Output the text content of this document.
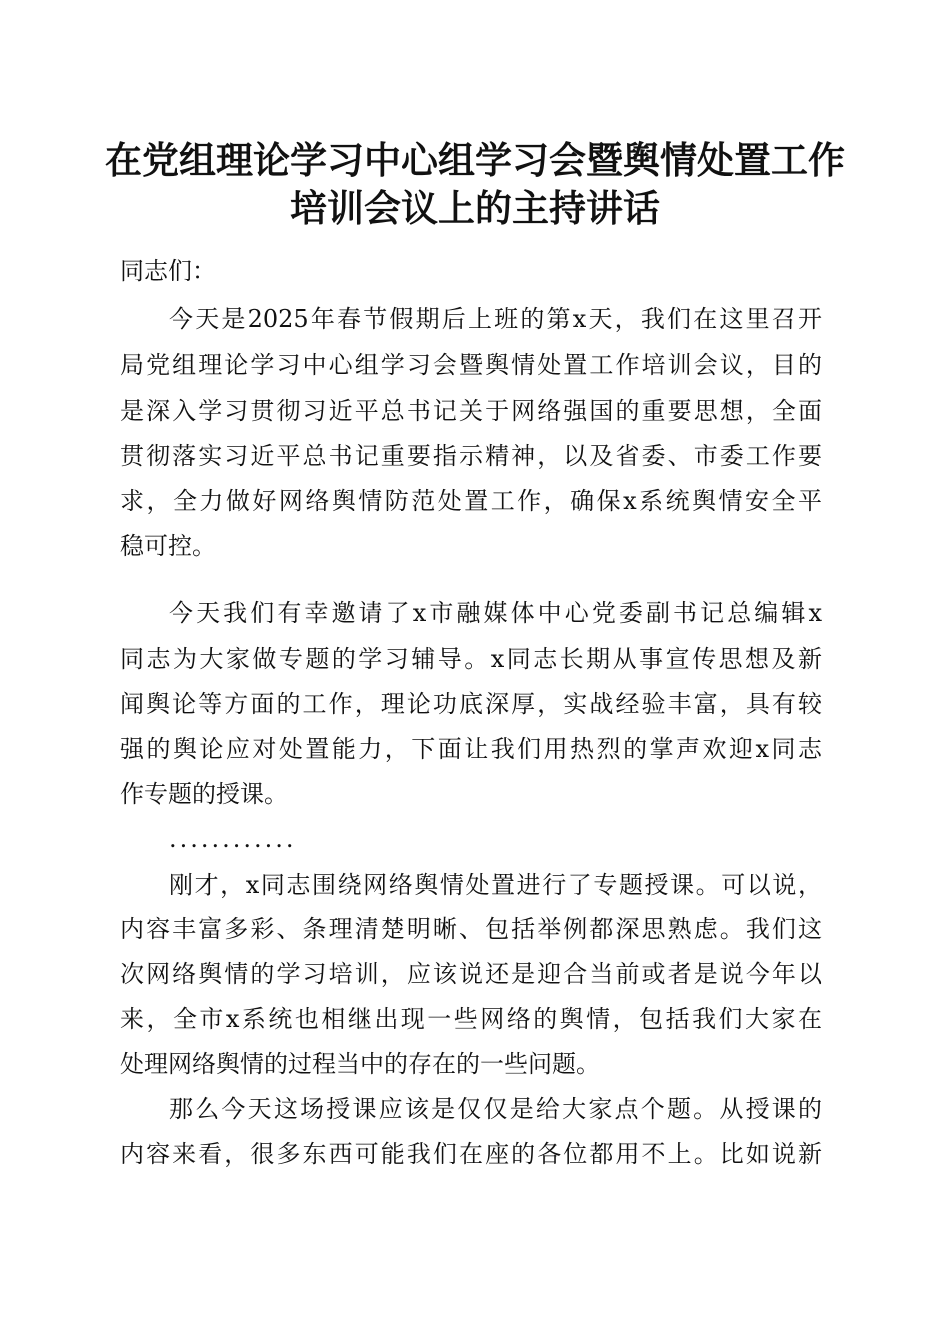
在党组理论学习中心组学习会暨舆情处置工作
培训会议上的主持讲话
同志们：
今天是2025年春节假期后上班的第x天，我们在这里召开
局党组理论学习中心组学习会暨舆情处置工作培训会议，目的
是深入学习贯彻习近平总书记关于网络强国的重要思想，全面
贯彻落实习近平总书记重要指示精神，以及省委、市委工作要
求，全力做好网络舆情防范处置工作，确保x系统舆情安全平
稳可控。
今天我们有幸邀请了x市融媒体中心党委副书记总编辑x
同志为大家做专题的学习辅导。x同志长期从事宣传思想及新
闻舆论等方面的工作，理论功底深厚，实战经验丰富，具有较
强的舆论应对处置能力，下面让我们用热烈的掌声欢迎x同志
作专题的授课。
............
刚才，x同志围绕网络舆情处置进行了专题授课。可以说，
内容丰富多彩、条理清楚明晰、包括举例都深思熟虑。我们这
次网络舆情的学习培训，应该说还是迎合当前或者是说今年以
来，全市x系统也相继出现一些网络的舆情，包括我们大家在
处理网络舆情的过程当中的存在的一些问题。
那么今天这场授课应该是仅仅是给大家点个题。从授课的
内容来看，很多东西可能我们在座的各位都用不上。比如说新
